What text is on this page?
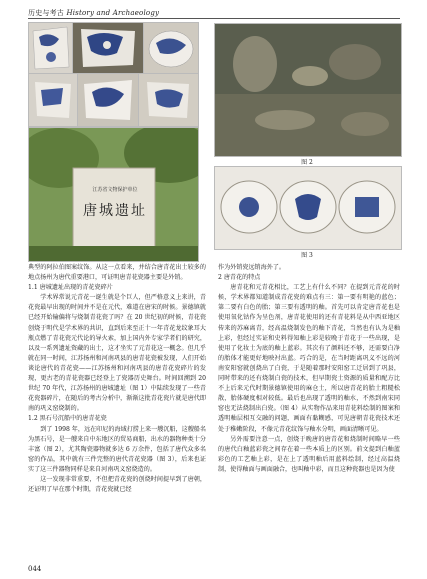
历史与考古 History and Archaeology
江苏省文物保护单位
唐城遗址
图 2
图 3

典型的阿拉伯图案纹饰。从这一点看来，并结合唐青花出土较多的地点扬州为唐代重要港口，可证明唐青花瓷器主要是外销。

1.1 唐城遗址出现的青花瓷碎片

学术界常说元青花一诞生就是个巨人，但严格意义上来讲，青花瓷最早出现的时间并不是在元代，难道在唐宋的时候。景德镇就已经开始输偏将与烧制青花瓷了吗？在 20 世纪初的时候，青花瓷创烧于明代是学术界的共识，直到后来至正十一年青花龙纹象耳大瓶点燃了青花瓷元代论的导火索，加上国内外专家学者们的研究，以及一系列遗址资藏的出土，这才坐实了元青花这一概念。但几乎就在同一时间，江苏扬州和河南巩县的唐青花瓷被发现，人们开始谈论唐代的青花瓷——江苏扬州和河南巩县的唐青花瓷碎片的发现，更古老的青花瓷器已经登上了瓷器历史舞台。时间回溯到 20 世纪 70 年代，江苏扬州的唐城遗址（图 1）中陆续发现了一些青花瓷器碎片，在随后的考古分析中，渐渐这批青花瓷片就是唐代即南的巩义窑烧制的。

1.2 黑石号沉船中的唐青花瓷

到了 1998 年，远在印尼的海域打捞上来一艘沉船，这艘船名为黑石号，是一艘来自中东地区的贸易商船，出水的器物种类十分丰富（图 2），尤其陶瓷器物就多达 6 万余件，包括了唐代众多名窑的作品，其中就有三件完整的唐代青花瓷器（图 3），后来也证实了这三件器物同样是来自河南巩义窑烧造的。

这一发现非常重要，不但把青花瓷的创烧时间提早到了唐朝，还证明了早在那个时期，青花瓷就已经

作为外销瓷远销海外了。

2 唐青花的特点

唐青花和元青花相比，工艺上有什么不同？在提到元青花的时候，学术界都知道制成青花瓷的难点有三：第一要有明艳的蓝色；第二要有白色的胎；第三要有透明的釉。首先可以肯定唐青花也是使用氧化钴作为呈色剂，唐青花使用的还有青花料是从中西亚地区传来的苏麻离青，经高温烧制发色的釉下青花，当然也有认为是釉上彩，但经过实证和史料得知釉上彩是较晚于青花于一些出现，是使用了化妆土为底的釉上蓝彩。其次有了颜料还不够，还需要白净的胎体才能更好地映衬出蓝。巧合的是，在当时距离巩义不远的河南安阳窑就创烧出了白瓷，于是随着那时安阳窑工迁居到了巩县，同时带来的还有烧制白瓷的技术，但早期瓷土资源的质量和配方比不上后来元代时期景德镇使用的麻仓土，所以唐青花的胎土粗糙松散，胎体硬度相对较低。最后也出现了透明的釉水，不然到南宋同窑也无法烧制出白瓷。（图 4）从实物作品来用青花料绘制的图案和透明釉层相互交融的问题，画面有黏糊感，可见唐朝青花瓷技术还处于稚嫩阶段，不像元青花纹饰与釉水分明，画面清晰可见。

另外需要注意一点，创烧于晚唐的唐青花和烧制时间略早一些的唐代白釉蓝彩瓷之间存在着一些本质上的区别。前文提到白釉蓝彩色的工艺釉上彩，是在上了透明釉后用蓝料绘制，经过高温烧制，使得釉面与画面融合，也叫釉中彩，而且这种瓷器也是因为使

044
